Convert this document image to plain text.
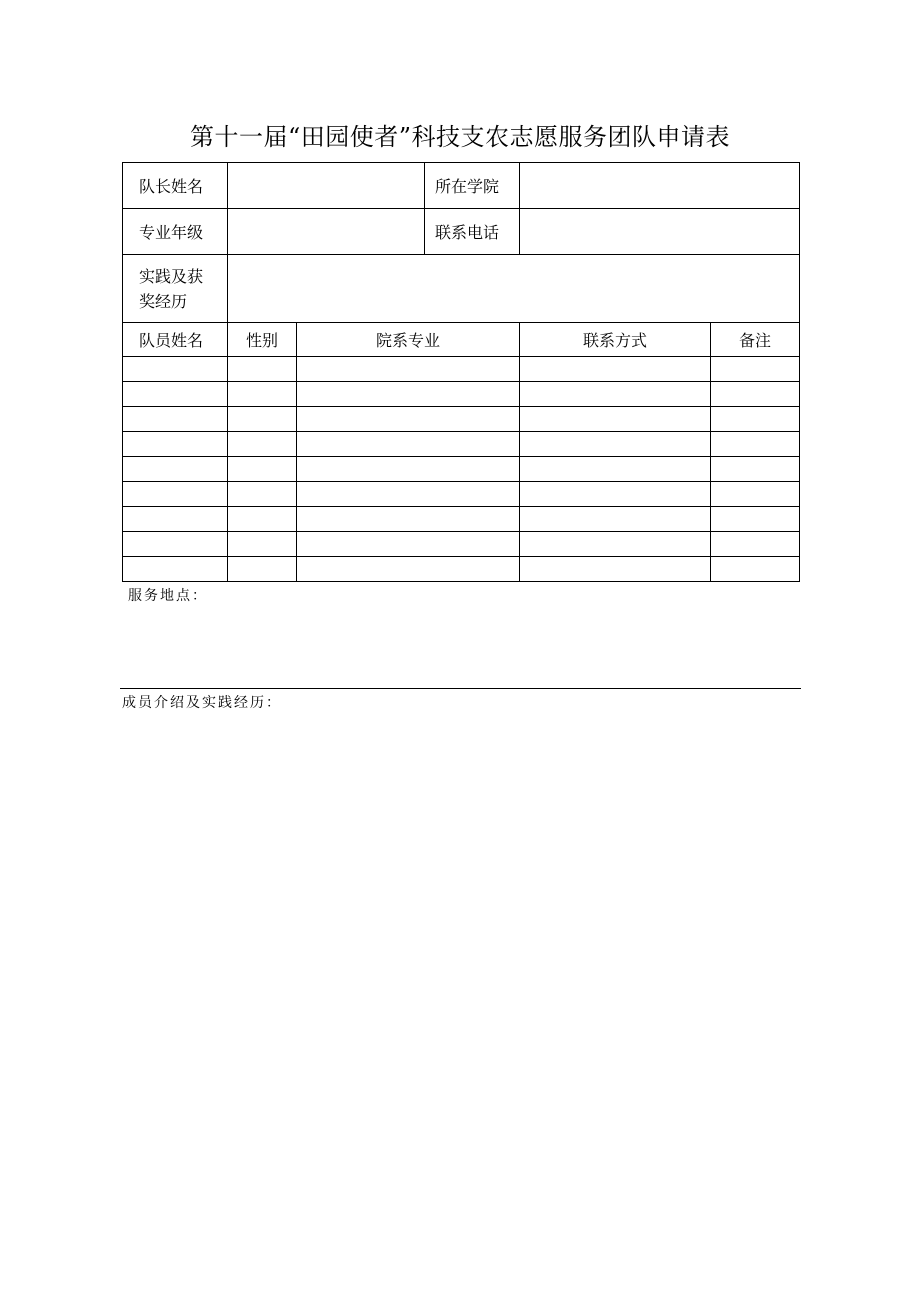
第十一届“田园使者”科技支农志愿服务团队申请表
队长姓名			所在学院		
专业年级			联系电话		
实践及获
奖经历					
队员姓名	性别	院系专业		联系方式	备注

服务地点：
成员介绍及实践经历：
